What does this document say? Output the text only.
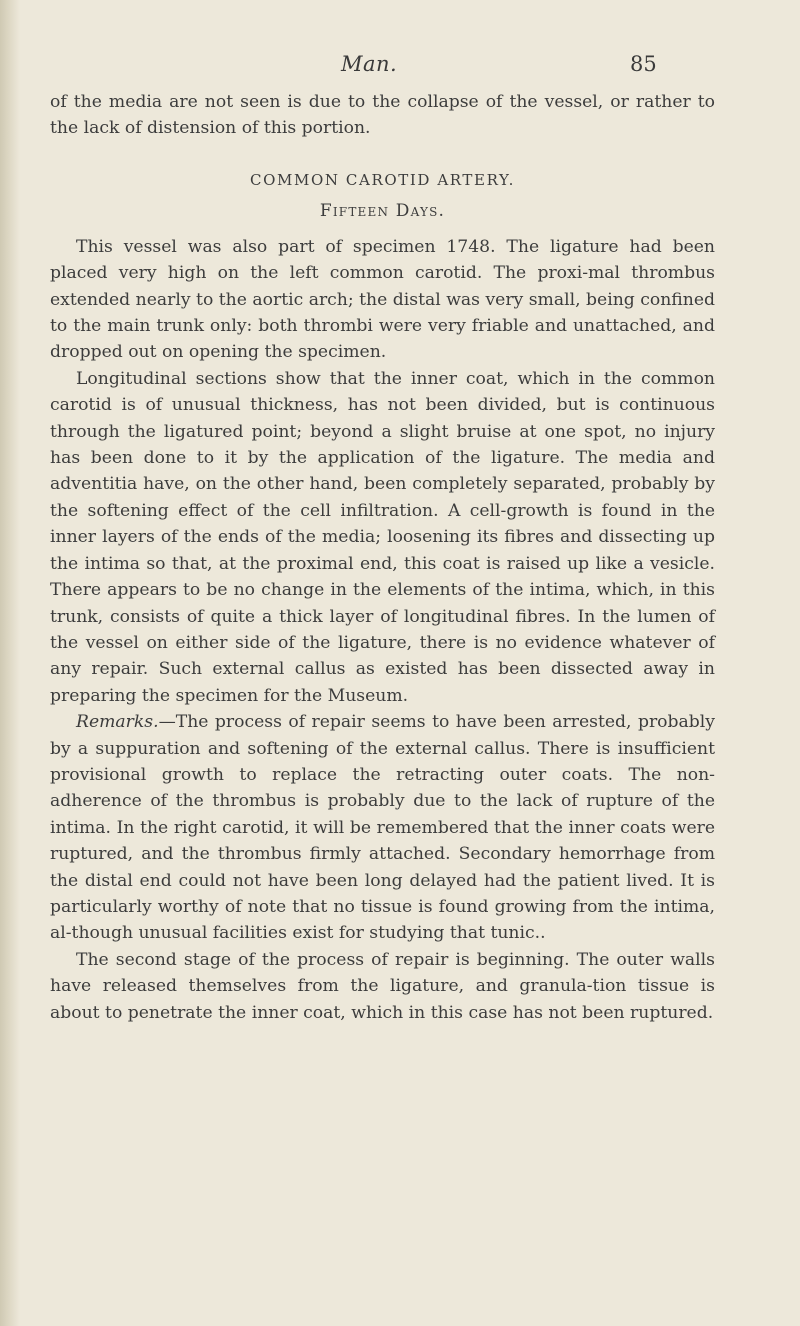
Man.	85

of the media are not seen is due to the collapse of the vessel, or rather to the lack of distension of this portion.

COMMON CAROTID ARTERY.

Fifteen Days.

This vessel was also part of specimen 1748. The ligature had been placed very high on the left common carotid. The proxi-mal thrombus extended nearly to the aortic arch; the distal was very small, being confined to the main trunk only: both thrombi were very friable and unattached, and dropped out on opening the specimen.

Longitudinal sections show that the inner coat, which in the common carotid is of unusual thickness, has not been divided, but is continuous through the ligatured point; beyond a slight bruise at one spot, no injury has been done to it by the application of the ligature. The media and adventitia have, on the other hand, been completely separated, probably by the softening effect of the cell infiltration. A cell-growth is found in the inner layers of the ends of the media; loosening its fibres and dissecting up the intima so that, at the proximal end, this coat is raised up like a vesicle. There appears to be no change in the elements of the intima, which, in this trunk, consists of quite a thick layer of longitudinal fibres. In the lumen of the vessel on either side of the ligature, there is no evidence whatever of any repair. Such external callus as existed has been dissected away in preparing the specimen for the Museum.

Remarks.—The process of repair seems to have been arrested, probably by a suppuration and softening of the external callus. There is insufficient provisional growth to replace the retracting outer coats. The non-adherence of the thrombus is probably due to the lack of rupture of the intima. In the right carotid, it will be remembered that the inner coats were ruptured, and the thrombus firmly attached. Secondary hemorrhage from the distal end could not have been long delayed had the patient lived. It is particularly worthy of note that no tissue is found growing from the intima, al-though unusual facilities exist for studying that tunic..

The second stage of the process of repair is beginning. The outer walls have released themselves from the ligature, and granula-tion tissue is about to penetrate the inner coat, which in this case has not been ruptured.
